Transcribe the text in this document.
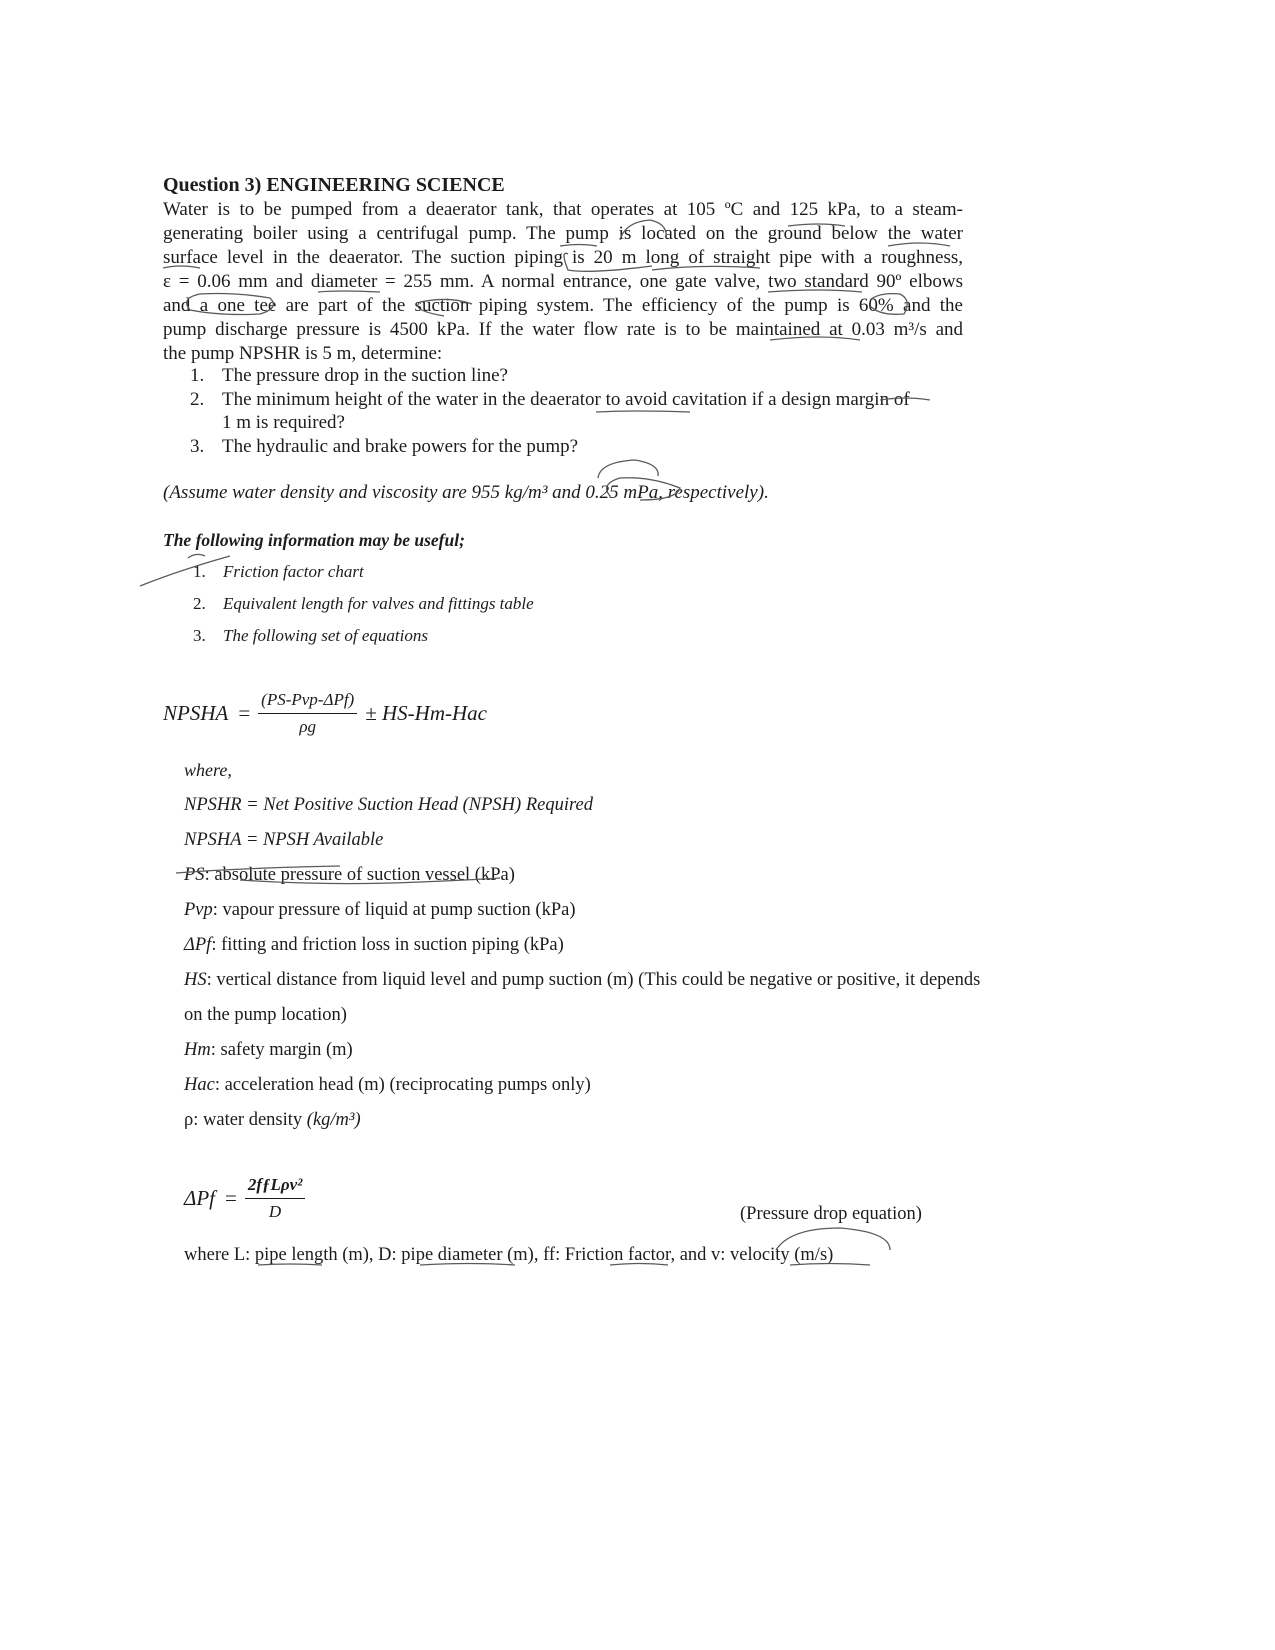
Question 3) ENGINEERING SCIENCE
Water is to be pumped from a deaerator tank, that operates at 105 ºC and 125 kPa, to a steam-
generating boiler using a centrifugal pump. The pump is located on the ground below the water
surface level in the deaerator. The suction piping is 20 m long of straight pipe with a roughness,
ε = 0.06 mm and diameter = 255 mm. A normal entrance, one gate valve, two standard 90º elbows
and a one tee are part of the suction piping system. The efficiency of the pump is 60% and the
pump discharge pressure is 4500 kPa. If the water flow rate is to be maintained at 0.03 m³/s and
the pump NPSHR is 5 m, determine:
1. The pressure drop in the suction line?
2. The minimum height of the water in the deaerator to avoid cavitation if a design margin of
1 m is required?
3. The hydraulic and brake powers for the pump?
(Assume water density and viscosity are 955 kg/m³ and 0.25 mPa, respectively).
The following information may be useful;
1. Friction factor chart
2. Equivalent length for valves and fittings table
3. The following set of equations
NPSHA = $\frac{\text{(PS-Pvp-ΔPf)}}{\rho g} \pm HS-Hm-Hac$
where,
NPSHR = Net Positive Suction Head (NPSH) Required
NPSHA = NPSH Available
PS: absolute pressure of suction vessel (kPa)
Pvp: vapour pressure of liquid at pump suction (kPa)
ΔPf: fitting and friction loss in suction piping (kPa)
HS: vertical distance from liquid level and pump suction (m) (This could be negative or positive, it depends
on the pump location)
Hm: safety margin (m)
Hac: acceleration head (m) (reciprocating pumps only)
ρ: water density (kg/m³)
$\Delta Pf = \frac{\text{2fƒLρv²}}{D}$	(Pressure drop equation)
where L: pipe length (m), D: pipe diameter (m), ff: Friction factor, and v: velocity (m/s)
